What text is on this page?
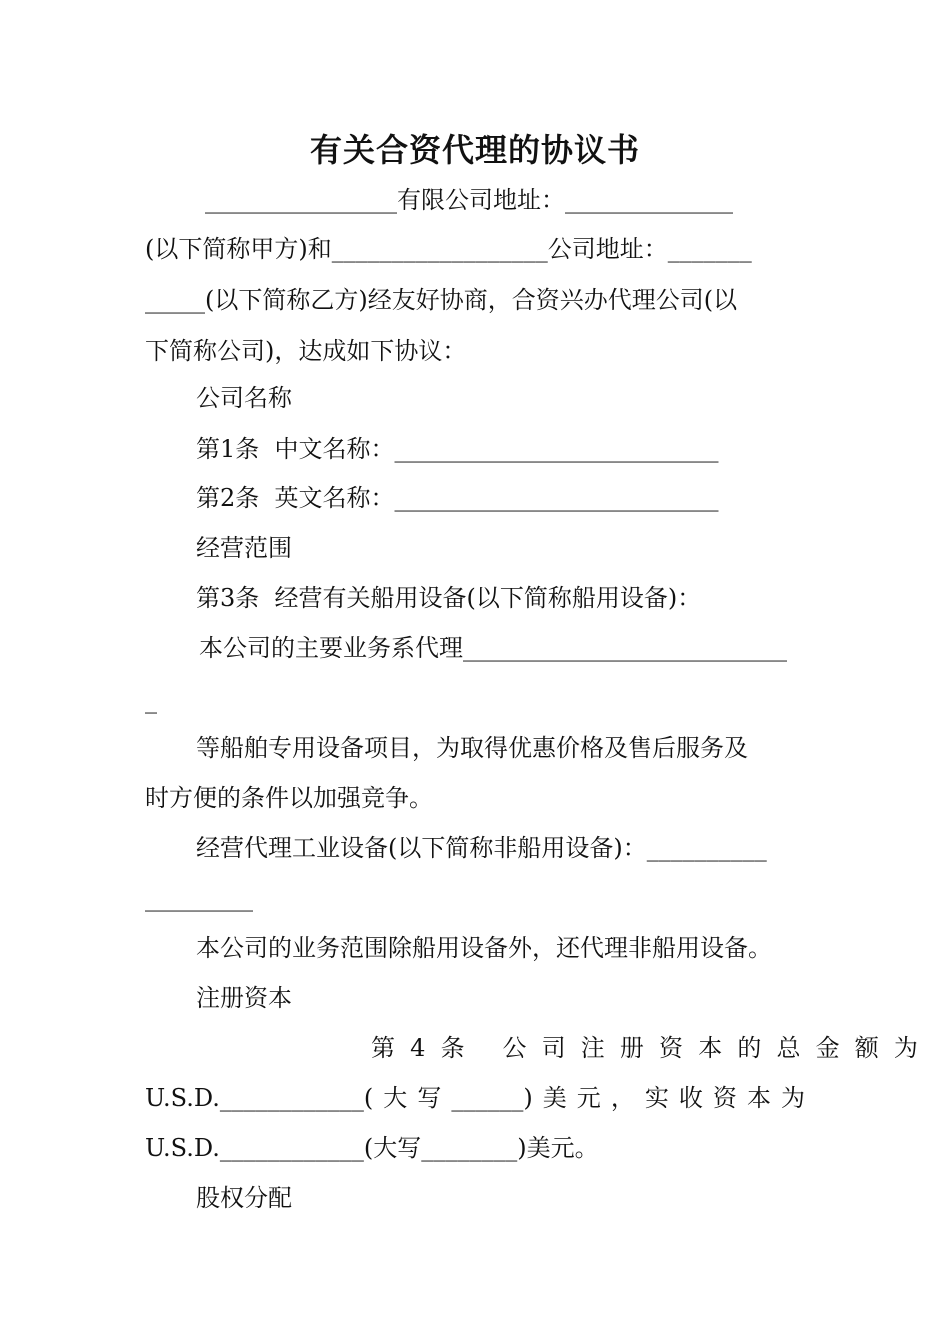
有关合资代理的协议书
________________有限公司地址：______________
(以下简称甲方)和__________________公司地址：_______
_____(以下简称乙方)经友好协商，合资兴办代理公司(以
下简称公司)，达成如下协议：
公司名称
第1条  中文名称：___________________________
第2条  英文名称：___________________________
经营范围
第3条  经营有关船用设备(以下简称船用设备)：
本公司的主要业务系代理___________________________
_
等船舶专用设备项目，为取得优惠价格及售后服务及
时方便的条件以加强竞争。
经营代理工业设备(以下简称非船用设备)：__________
_________
本公司的业务范围除船用设备外，还代理非船用设备。
注册资本
第 4 条
公 司 注 册 资 本 的 总 金 额 为
U.S.D.____________( 大 写 ______) 美 元 ， 实 收 资 本 为
U.S.D.____________(大写________)美元。
股权分配
